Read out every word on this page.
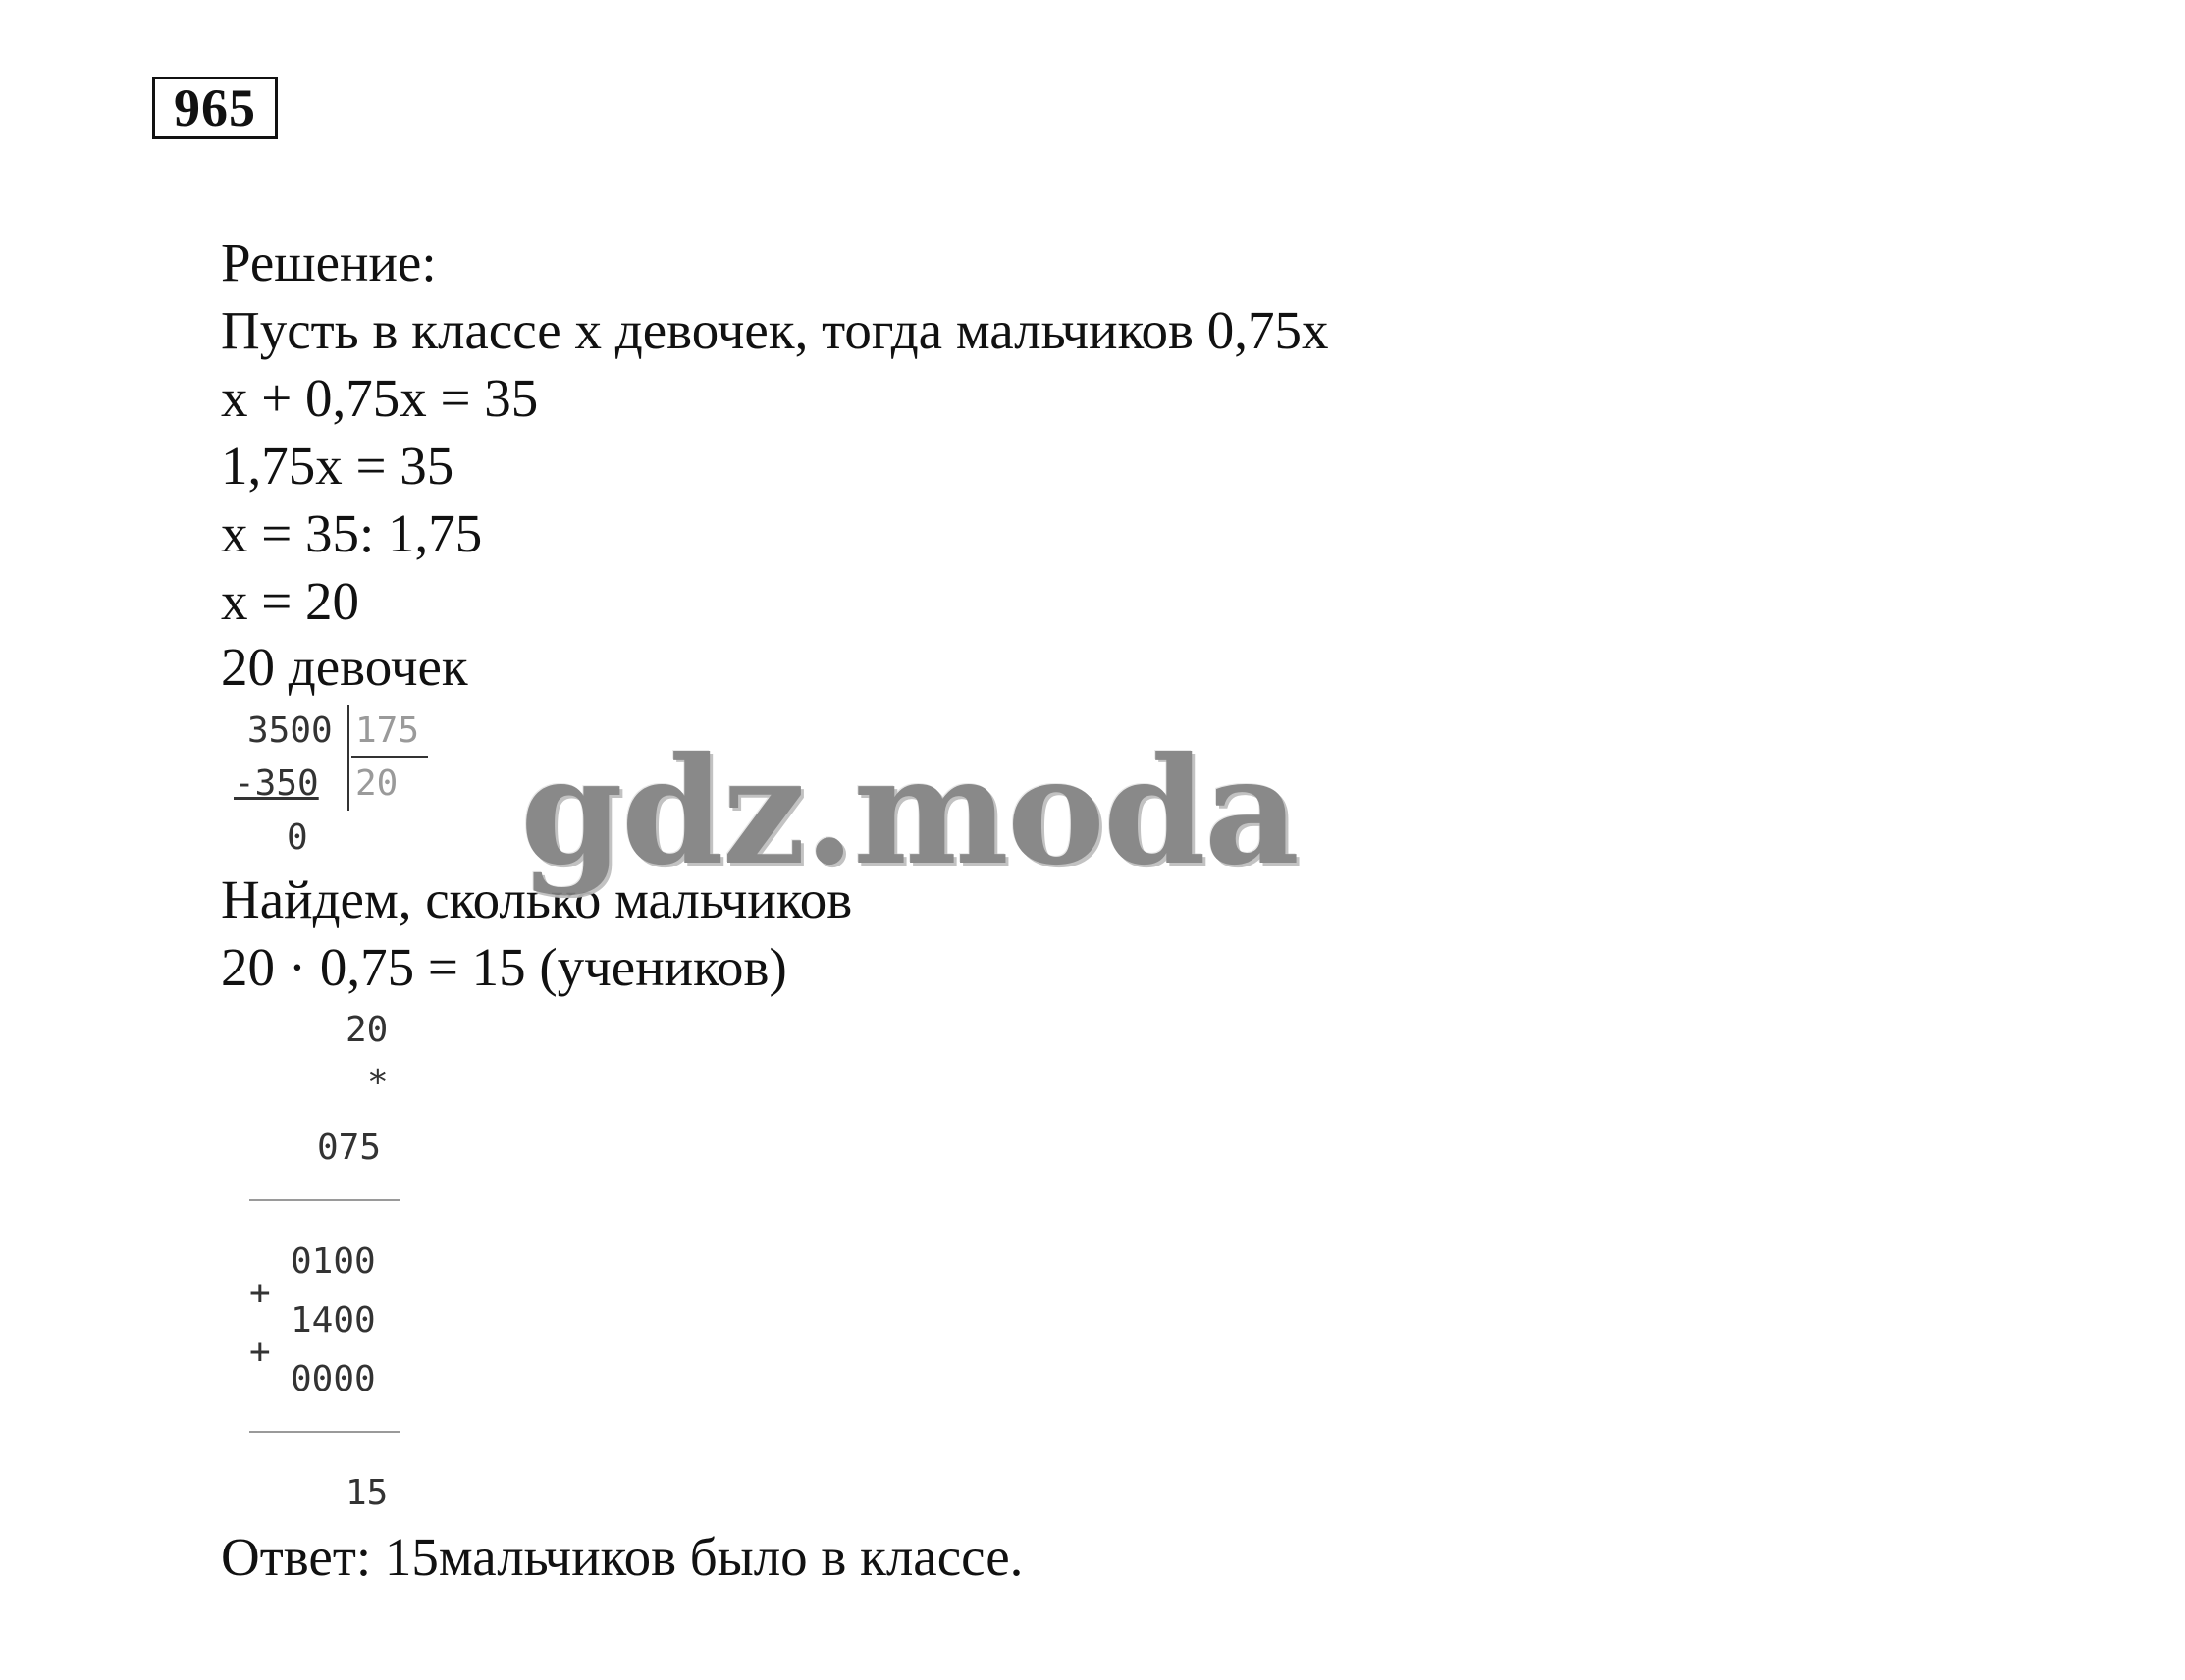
965
Решение:
Пусть в классе x девочек, тогда мальчиков 0,75x
x + 0,75x = 35
1,75x = 35
x = 35: 1,75
x = 20
20 девочек
3500 175
-350 20
0
Найдем, сколько мальчиков
20 · 0,75 = 15 (учеников)
20
*
075
0100
+
1400
+
0000
15
Ответ: 15мальчиков было в классе.
gdz.moda
